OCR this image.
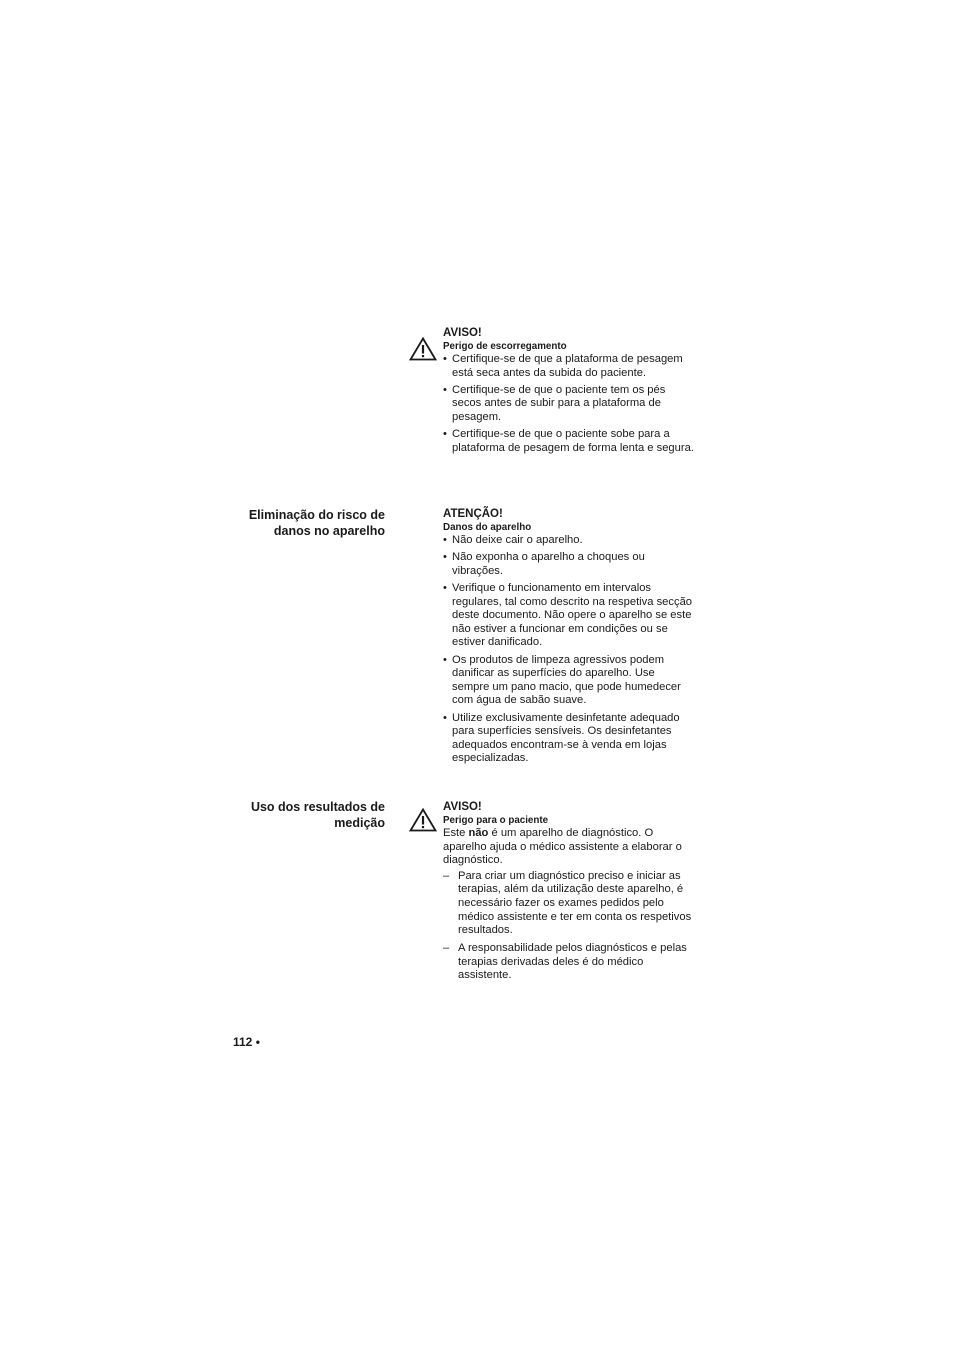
AVISO!
Perigo de escorregamento
• Certifique-se de que a plataforma de pesagem está seca antes da subida do paciente.
• Certifique-se de que o paciente tem os pés secos antes de subir para a plataforma de pesagem.
• Certifique-se de que o paciente sobe para a plataforma de pesagem de forma lenta e segura.
Eliminação do risco de
danos no aparelho
ATENÇÃO!
Danos do aparelho
• Não deixe cair o aparelho.
• Não exponha o aparelho a choques ou vibrações.
• Verifique o funcionamento em intervalos regulares, tal como descrito na respetiva secção deste documento. Não opere o aparelho se este não estiver a funcionar em condições ou se estiver danificado.
• Os produtos de limpeza agressivos podem danificar as superfícies do aparelho. Use sempre um pano macio, que pode humedecer com água de sabão suave.
• Utilize exclusivamente desinfetante adequado para superfícies sensíveis. Os desinfetantes adequados encontram-se à venda em lojas especializadas.
Uso dos resultados de
medição
AVISO!
Perigo para o paciente

Este não é um aparelho de diagnóstico. O aparelho ajuda o médico assistente a elaborar o diagnóstico.

– Para criar um diagnóstico preciso e iniciar as terapias, além da utilização deste aparelho, é necessário fazer os exames pedidos pelo médico assistente e ter em conta os respetivos resultados.
– A responsabilidade pelos diagnósticos e pelas terapias derivadas deles é do médico assistente.
112 •
